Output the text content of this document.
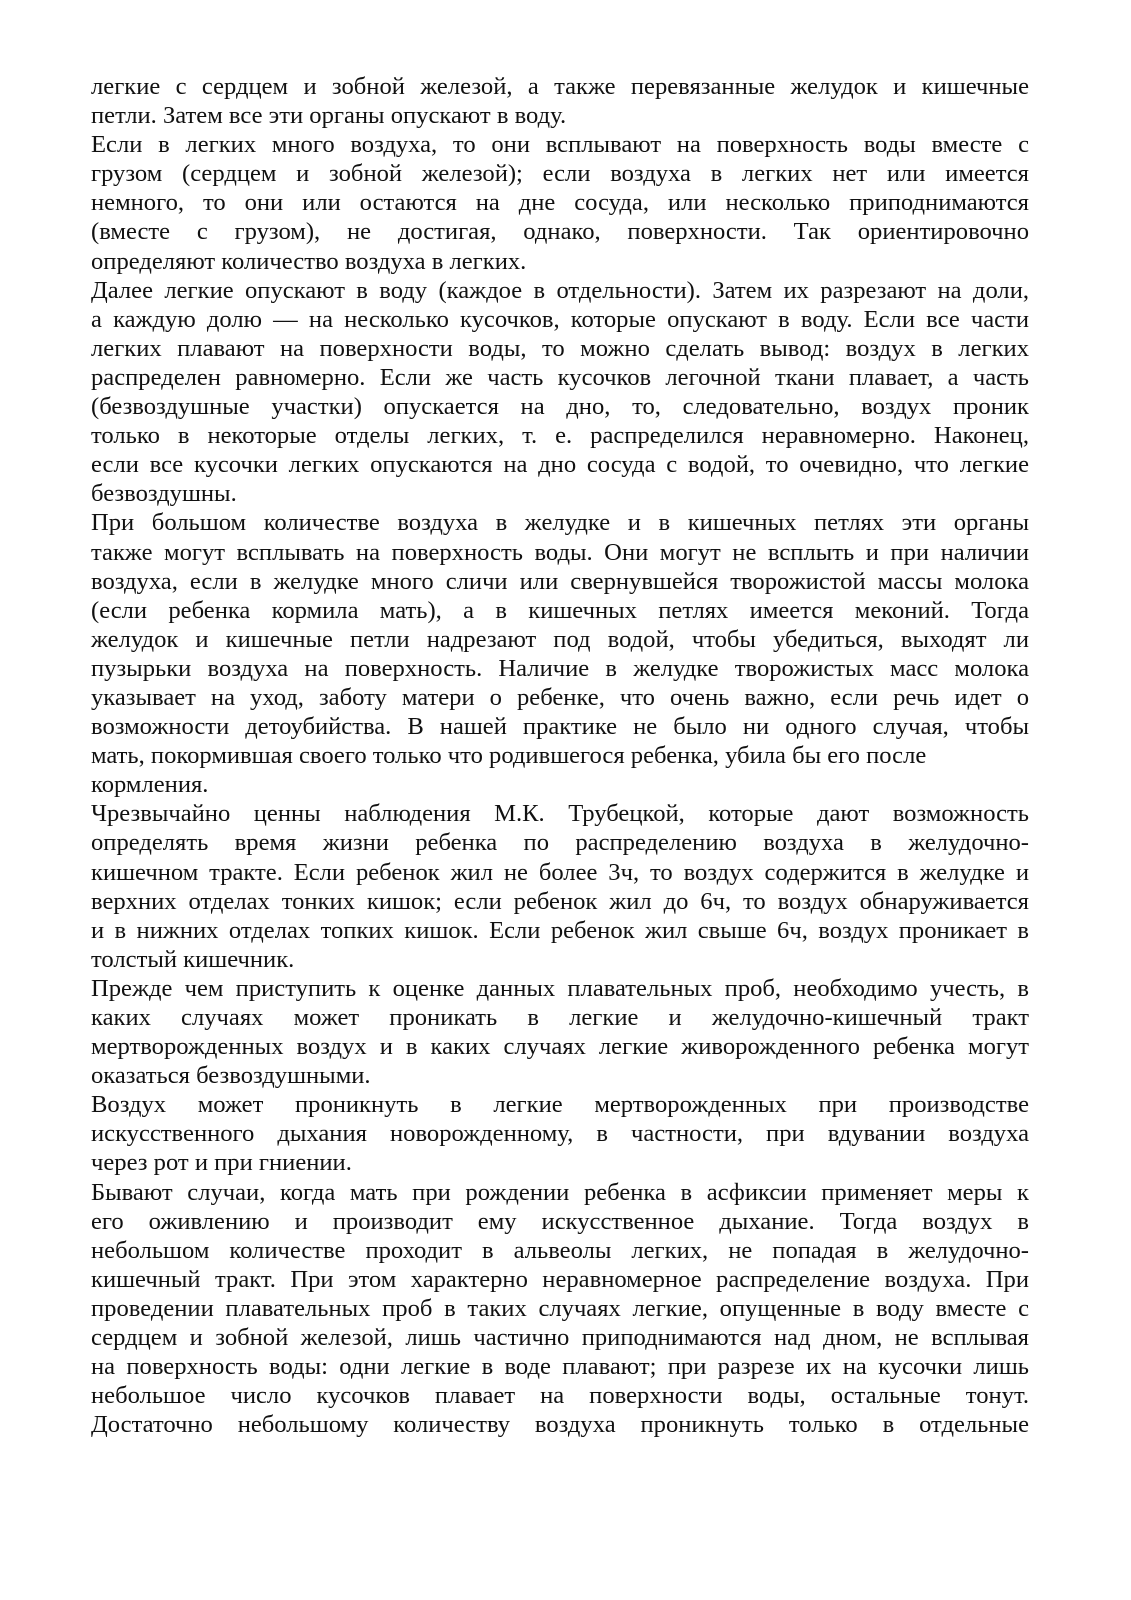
легкие с сердцем и зобной железой, а также перевязанные желудок и кишечные
петли. Затем все эти органы опускают в воду.

Если в легких много воздуха, то они всплывают на поверхность воды вместе с
грузом (сердцем и зобной железой); если воздуха в легких нет или имеется
немного, то они или остаются на дне сосуда, или несколько приподнимаются
(вместе с грузом), не достигая, однако, поверхности. Так ориентировочно
определяют количество воздуха в легких.

Далее легкие опускают в воду (каждое в отдельности). Затем их разрезают на доли,
а каждую долю — на несколько кусочков, которые опускают в воду. Если все части
легких плавают на поверхности воды, то можно сделать вывод: воздух в легких
распределен равномерно. Если же часть кусочков легочной ткани плавает, а часть
(безвоздушные участки) опускается на дно, то, следовательно, воздух проник
только в некоторые отделы легких, т. е. распределился неравномерно. Наконец,
если все кусочки легких опускаются на дно сосуда с водой, то очевидно, что легкие
безвоздушны.

При большом количестве воздуха в желудке и в кишечных петлях эти органы
также могут всплывать на поверхность воды. Они могут не всплыть и при наличии
воздуха, если в желудке много сличи или свернувшейся творожистой массы молока
(если ребенка кормила мать), а в кишечных петлях имеется меконий. Тогда
желудок и кишечные петли надрезают под водой, чтобы убедиться, выходят ли
пузырьки воздуха на поверхность. Наличие в желудке творожистых масс молока
указывает на уход, заботу матери о ребенке, что очень важно, если речь идет о
возможности детоубийства. В нашей практике не было ни одного случая, чтобы
мать, покормившая своего только что родившегося ребенка, убила бы его после
кормления.

Чрезвычайно ценны наблюдения М.К. Трубецкой, которые дают возможность
определять время жизни ребенка по распределению воздуха в желудочно-
кишечном тракте. Если ребенок жил не более 3ч, то воздух содержится в желудке и
верхних отделах тонких кишок; если ребенок жил до 6ч, то воздух обнаруживается
и в нижних отделах топких кишок. Если ребенок жил свыше 6ч, воздух проникает в
толстый кишечник.

Прежде чем приступить к оценке данных плавательных проб, необходимо учесть, в
каких случаях может проникать в легкие и желудочно-кишечный тракт
мертворожденных воздух и в каких случаях легкие живорожденного ребенка могут
оказаться безвоздушными.

Воздух может проникнуть в легкие мертворожденных при производстве
искусственного дыхания новорожденному, в частности, при вдувании воздуха
через рот и при гниении.

Бывают случаи, когда мать при рождении ребенка в асфиксии применяет меры к
его оживлению и производит ему искусственное дыхание. Тогда воздух в
небольшом количестве проходит в альвеолы легких, не попадая в желудочно-
кишечный тракт. При этом характерно неравномерное распределение воздуха. При
проведении плавательных проб в таких случаях легкие, опущенные в воду вместе с
сердцем и зобной железой, лишь частично приподнимаются над дном, не всплывая
на поверхность воды: одни легкие в воде плавают; при разрезе их на кусочки лишь
небольшое число кусочков плавает на поверхности воды, остальные тонут.
Достаточно небольшому количеству воздуха проникнуть только в отдельные
